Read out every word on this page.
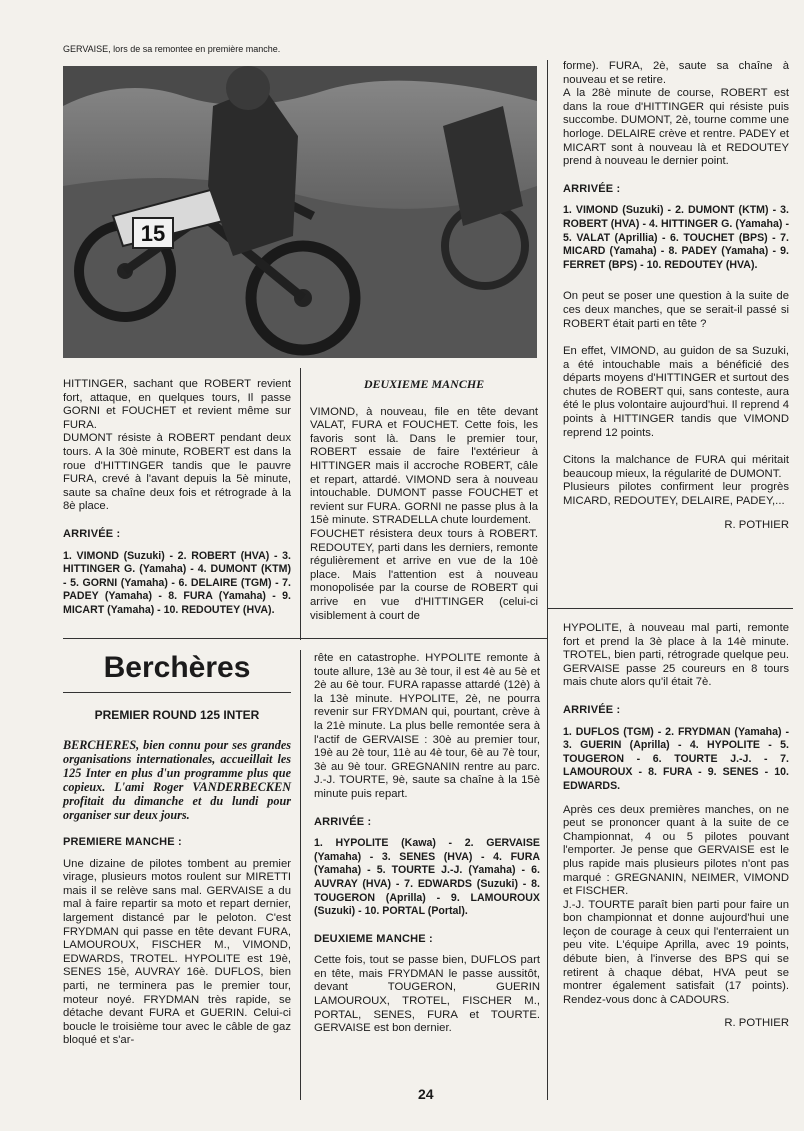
GERVAISE, lors de sa remontee en première manche.
15

HITTINGER, sachant que ROBERT revient fort, attaque, en quelques tours, Il passe GORNI et FOUCHET et revient même sur FURA.

DUMONT résiste à ROBERT pendant deux tours. A la 30è minute, ROBERT est dans la roue d'HITTINGER tandis que le pauvre FURA, crevé à l'avant depuis la 5è minute, saute sa chaîne deux fois et rétrograde à la 8è place.

ARRIVÉE :
1. VIMOND (Suzuki) - 2. ROBERT (HVA) - 3. HITTINGER G. (Yamaha) - 4. DUMONT (KTM) - 5. GORNI (Yamaha) - 6. DELAIRE (TGM) - 7. PADEY (Yamaha) - 8. FURA (Yamaha) - 9. MICART (Yamaha) - 10. REDOUTEY (HVA).
DEUXIEME MANCHE

VIMOND, à nouveau, file en tête devant VALAT, FURA et FOUCHET. Cette fois, les favoris sont là. Dans le premier tour, ROBERT essaie de faire l'extérieur à HITTINGER mais il accroche ROBERT, câle et repart, attardé. VIMOND sera à nouveau intouchable. DUMONT passe FOUCHET et revient sur FURA. GORNI ne passe plus à la 15è minute. STRADELLA chute lourdement.

FOUCHET résistera deux tours à ROBERT. REDOUTEY, parti dans les derniers, remonte régulièrement et arrive en vue de la 10è place. Mais l'attention est à nouveau monopolisée par la course de ROBERT qui arrive en vue d'HITTINGER (celui-ci visiblement à court de

forme). FURA, 2è, saute sa chaîne à nouveau et se retire.

A la 28è minute de course, ROBERT est dans la roue d'HITTINGER qui résiste puis succombe. DUMONT, 2è, tourne comme une horloge. DELAIRE crève et rentre. PADEY et MICART sont à nouveau là et REDOUTEY prend à nouveau le dernier point.

ARRIVÉE :
1. VIMOND (Suzuki) - 2. DUMONT (KTM) - 3. ROBERT (HVA) - 4. HITTINGER G. (Yamaha) - 5. VALAT (Aprillia) - 6. TOUCHET (BPS) - 7. MICARD (Yamaha) - 8. PADEY (Yamaha) - 9. FERRET (BPS) - 10. REDOUTEY (HVA).

On peut se poser une question à la suite de ces deux manches, que se serait-il passé si ROBERT était parti en tête ?

En effet, VIMOND, au guidon de sa Suzuki, a été intouchable mais a bénéficié des départs moyens d'HITTINGER et surtout des chutes de ROBERT qui, sans conteste, aura été le plus volontaire aujourd'hui. Il reprend 4 points à HITTINGER tandis que VIMOND reprend 12 points.

Citons la malchance de FURA qui méritait beaucoup mieux, la régularité de DUMONT.

Plusieurs pilotes confirment leur progrès MICARD, REDOUTEY, DELAIRE, PADEY,...

R. POTHIER
Berchères
PREMIER ROUND 125 INTER

BERCHERES, bien connu pour ses grandes organisations internationales, accueillait les 125 Inter en plus d'un programme plus que copieux. L'ami Roger VANDERBECKEN profitait du dimanche et du lundi pour organiser sur deux jours.

PREMIERE MANCHE :

Une dizaine de pilotes tombent au premier virage, plusieurs motos roulent sur MIRETTI mais il se relève sans mal. GERVAISE a du mal à faire repartir sa moto et repart dernier, largement distancé par le peloton. C'est FRYDMAN qui passe en tête devant FURA, LAMOUROUX, FISCHER M., VIMOND, EDWARDS, TROTEL. HYPOLITE est 19è, SENES 15è, AUVRAY 16è. DUFLOS, bien parti, ne terminera pas le premier tour, moteur noyé. FRYDMAN très rapide, se détache devant FURA et GUERIN. Celui-ci boucle le troisième tour avec le câble de gaz bloqué et s'ar-

rête en catastrophe. HYPOLITE remonte à toute allure, 13è au 3è tour, il est 4è au 5è et 2è au 6è tour. FURA rapasse attardé (12è) à la 13è minute. HYPOLITE, 2è, ne pourra revenir sur FRYDMAN qui, pourtant, crève à la 21è minute. La plus belle remontée sera à l'actif de GERVAISE : 30è au premier tour, 19è au 2è tour, 11è au 4è tour, 6è au 7è tour, 3è au 9è tour. GREGNANIN rentre au parc. J.-J. TOURTE, 9è, saute sa chaîne à la 15è minute puis repart.

ARRIVÉE :
1. HYPOLITE (Kawa) - 2. GERVAISE (Yamaha) - 3. SENES (HVA) - 4. FURA (Yamaha) - 5. TOURTE J.-J. (Yamaha) - 6. AUVRAY (HVA) - 7. EDWARDS (Suzuki) - 8. TOUGERON (Aprilla) - 9. LAMOUROUX (Suzuki) - 10. PORTAL (Portal).
DEUXIEME MANCHE :

Cette fois, tout se passe bien, DUFLOS part en tête, mais FRYDMAN le passe aussitôt, devant TOUGERON, GUERIN LAMOUROUX, TROTEL, FISCHER M., PORTAL, SENES, FURA et TOURTE. GERVAISE est bon dernier.

HYPOLITE, à nouveau mal parti, remonte fort et prend la 3è place à la 14è minute. TROTEL, bien parti, rétrograde quelque peu. GERVAISE passe 25 coureurs en 8 tours mais chute alors qu'il était 7è.

ARRIVÉE :
1. DUFLOS (TGM) - 2. FRYDMAN (Yamaha) - 3. GUERIN (Aprilla) - 4. HYPOLITE - 5. TOUGERON - 6. TOURTE J.-J. - 7. LAMOUROUX - 8. FURA - 9. SENES - 10. EDWARDS.

Après ces deux premières manches, on ne peut se prononcer quant à la suite de ce Championnat, 4 ou 5 pilotes pouvant l'emporter. Je pense que GERVAISE est le plus rapide mais plusieurs pilotes n'ont pas marqué : GREGNANIN, NEIMER, VIMOND et FISCHER.

J.-J. TOURTE paraît bien parti pour faire un bon championnat et donne aujourd'hui une leçon de courage à ceux qui l'enterraient un peu vite. L'équipe Aprilla, avec 19 points, débute bien, à l'inverse des BPS qui se retirent à chaque débat, HVA peut se montrer également satisfait (17 points). Rendez-vous donc à CADOURS.

R. POTHIER
24
